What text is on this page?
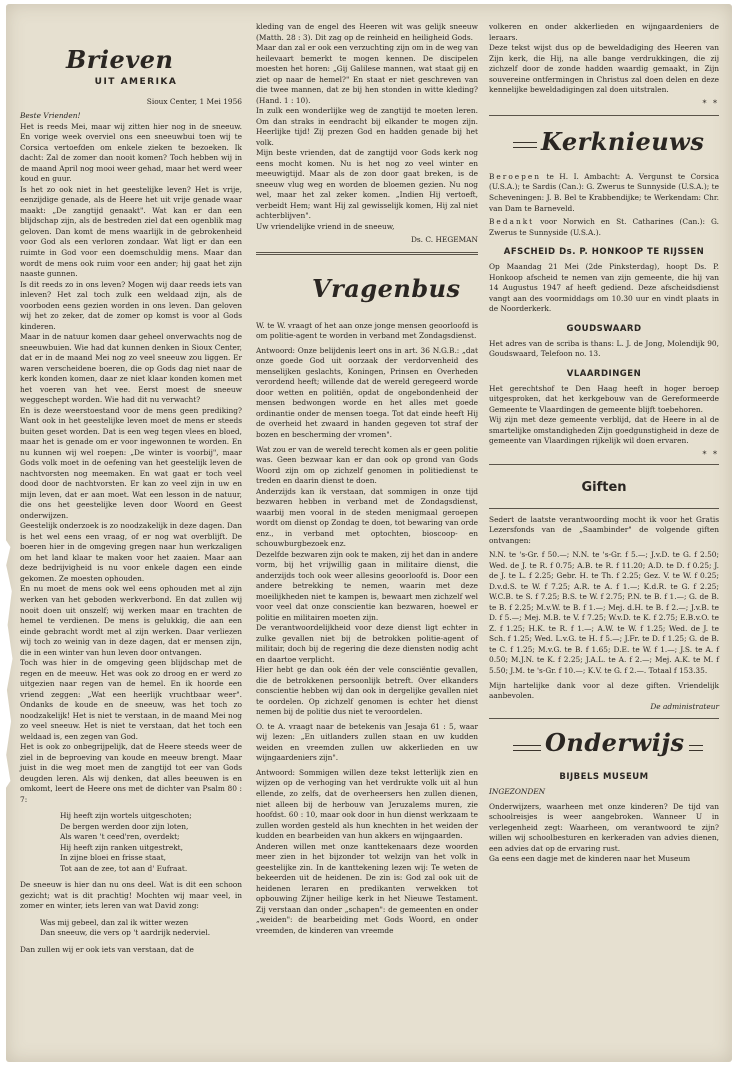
Brieven
UIT AMERIKA

Sioux Center, 1 Mei 1956

Beste Vrienden!

Het is reeds Mei, maar wij zitten hier nog in de sneeuw. En vorige week overviel ons een sneeuwbui toen wij te Corsica vertoefden om enkele zieken te bezoeken. Ik dacht: Zal de zomer dan nooit komen? Toch hebben wij in de maand April nog mooi weer gehad, maar het werd weer koud en guur.

Is het zo ook niet in het geestelijke leven? Het is vrije, eenzijdige genade, als de Heere het uit vrije genade waar maakt: „De zangtijd genaakt". Wat kan er dan een blijdschap zijn, als de bestreden ziel dat een ogenblik mag geloven. Dan komt de mens waarlijk in de gebrokenheid voor God als een verloren zondaar. Wat ligt er dan een ruimte in God voor een doemschuldig mens. Maar dan wordt de mens ook ruim voor een ander; hij gaat het zijn naaste gunnen.

Is dit reeds zo in ons leven? Mogen wij daar reeds iets van inleven? Het zal toch zulk een weldaad zijn, als de voorboden eens gezien worden in ons leven. Dan geloven wij het zo zeker, dat de zomer op komst is voor al Gods kinderen.

Maar in de natuur komen daar geheel onverwachts nog de sneeuwbuien. Wie had dat kunnen denken in Sioux Center, dat er in de maand Mei nog zo veel sneeuw zou liggen. Er waren verscheidene boeren, die op Gods dag niet naar de kerk konden komen, daar ze niet klaar konden komen met het voeren van het vee. Eerst moest de sneeuw weggeschept worden. Wie had dit nu verwacht?

En is deze weerstoestand voor de mens geen prediking? Want ook in het geestelijke leven moet de mens er steeds buiten geset worden. Dat is een weg tegen vlees en bloed, maar het is genade om er voor ingewonnen te worden. En nu kunnen wij wel roepen: „De winter is voorbij", maar Gods volk moet in de oefening van het geestelijk leven de nachtvorsten nog meemaken. En wat gaat er toch veel dood door de nachtvorsten. Er kan zo veel zijn in uw en mijn leven, dat er aan moet. Wat een lesson in de natuur, die ons het geestelijke leven door Woord en Geest onderwijzen.

Geestelijk onderzoek is zo noodzakelijk in deze dagen. Dan is het wel eens een vraag, of er nog wat overblijft. De boeren hier in de omgeving gregen naar hun werkzaligen om het land klaar te maken voor het zaaien. Maar aan deze bedrijvigheid is nu voor enkele dagen een einde gekomen. Ze moesten ophouden.

En nu moet de mens ook wel eens ophouden met al zijn werken van het geboden werkverbond. En dat zullen wij nooit doen uit onszelf; wij werken maar en trachten de hemel te verdienen. De mens is gelukkig, die aan een einde gebracht wordt met al zijn werken. Daar verliezen wij toch zo weinig van in deze dagen, dat er mensen zijn, die in een winter van hun leven door ontvangen.

Toch was hier in de omgeving geen blijdschap met de regen en de meeuw. Het was ook zo droog en er werd zo uitgezien naar regen van de hemel. En ik hoorde een vriend zeggen: „Wat een heerlijk vruchtbaar weer". Ondanks de koude en de sneeuw, was het toch zo noodzakelijk! Het is niet te verstaan, in de maand Mei nog zo veel sneeuw. Het is niet te verstaan, dat het toch een weldaad is, een zegen van God.

Het is ook zo onbegrijpelijk, dat de Heere steeds weer de ziel in de beproeving van koude en meeuw brengt. Maar juist in die weg moet men de zangtijd tot eer van Gods deugden leren. Als wij denken, dat alles beeuwen is en omkomt, leert de Heere ons met de dichter van Psalm 80 : 7:

Hij heeft zijn wortels uitgeschoten;
De bergen werden door zijn loten,
Als waren 't ceed'ren, overdekt;
Hij heeft zijn ranken uitgestrekt,
In zijne bloei en frisse staat,
Tot aan de zee, tot aan d' Eufraat.

De sneeuw is hier dan nu ons deel. Wat is dit een schoon gezicht; wat is dit prachtig! Mochten wij maar veel, in zomer en winter, iets leren van wat David zong:

Was mij gebeel, dan zal ik witter wezen
Dan sneeuw, die vers op 't aardrijk nederviel.

Dan zullen wij er ook iets van verstaan, dat de

kleding van de engel des Heeren wit was gelijk sneeuw (Matth. 28 : 3). Dit zag op de reinheid en heiligheid Gods.

Maar dan zal er ook een verzuchting zijn om in de weg van heilevaart bemerkt te mogen kennen. De discipelen moesten het horen: „Gij Galilese mannen, wat staat gij en ziet op naar de hemel?" En staat er niet geschreven van die twee mannen, dat ze bij hen stonden in witte kleding? (Hand. 1 : 10).

In zulk een wonderlijke weg de zangtijd te moeten leren. Om dan straks in eendracht bij elkander te mogen zijn. Heerlijke tijd! Zij prezen God en hadden genade bij het volk.

Mijn beste vrienden, dat de zangtijd voor Gods kerk nog eens mocht komen. Nu is het nog zo veel winter en meeuwigtijd. Maar als de zon door gaat breken, is de sneeuw vlug weg en worden de bloemen gezien. Nu nog wel, maar het zal zeker komen. „Indien Hij vertoeft, verbeidt Hem; want Hij zal gewisselijk komen, Hij zal niet achterblijven".

Uw vriendelijke vriend in de sneeuw,

Ds. C. HEGEMAN

Vragenbus

W. te W. vraagt of het aan onze jonge mensen geoorloofd is om politie-agent te worden in verband met Zondagsdienst.

Antwoord: Onze belijdenis leert ons in art. 36 N.G.B.: „dat onze goede God uit oorzaak der verdorvenheid des menselijken geslachts, Koningen, Prinsen en Overheden verordend heeft; willende dat de wereld geregeerd worde door wetten en politiën, opdat de ongebondenheid der mensen bedwongen worde en het alles met goede ordinantie onder de mensen toega. Tot dat einde heeft Hij de overheid het zwaard in handen gegeven tot straf der bozen en bescherming der vromen".

Wat zou er van de wereld terecht komen als er geen politie was. Geen bezwaar kan er dan ook op grond van Gods Woord zijn om op zichzelf genomen in politiedienst te treden en daarin dienst te doen.

Anderzijds kan ik verstaan, dat sommigen in onze tijd bezwaren hebben in verband met de Zondagsdienst, waarbij men vooral in de steden menigmaal geroepen wordt om dienst op Zondag te doen, tot bewaring van orde enz., in verband met optochten, bioscoop- en schouwburgbezoek enz.

Dezelfde bezwaren zijn ook te maken, zij het dan in andere vorm, bij het vrijwillig gaan in militaire dienst, die anderzijds toch ook weer allesins geoorloofd is. Door een andere betrekking te nemen, waarin met deze moeilijkheden niet te kampen is, bewaart men zichzelf wel voor veel dat onze conscientie kan bezwaren, hoewel er politie en militairen moeten zijn.

De verantwoordelijkheid voor deze dienst ligt echter in zulke gevallen niet bij de betrokken politie-agent of militair, doch bij de regering die deze diensten nodig acht en daartoe verplicht.

Hier hebt ge dan ook één der vele consciëntie gevallen, die de betrokkenen persoonlijk betreft. Over elkanders conscientie hebben wij dan ook in dergelijke gevallen niet te oordelen. Op zichzelf genomen is echter het dienst nemen bij de politie dus niet te veroordelen.

O. te A. vraagt naar de betekenis van Jesaja 61 : 5, waar wij lezen: „En uitlanders zullen staan en uw kudden weiden en vreemden zullen uw akkerlieden en uw wijngaardeniers zijn".

Antwoord: Sommigen willen deze tekst letterlijk zien en wijzen op de verhoging van het verdrukte volk uit al hun ellende, zo zelfs, dat de overheersers hen zullen dienen, niet alleen bij de herbouw van Jeruzalems muren, zie hoofdst. 60 : 10, maar ook door in hun dienst werkzaam te zullen worden gesteld als hun knechten in het weiden der kudden en bearbeiden van hun akkers en wijngaarden.

Anderen willen met onze kanttekenaars deze woorden meer zien in het bijzonder tot welzijn van het volk in geestelijke zin. In de kanttekening lezen wij: Te weten de bekeerden uit de heidenen. De zin is: God zal ook uit de heidenen leraren en predikanten verwekken tot opbouwing Zijner heilige kerk in het Nieuwe Testament. Zij verstaan dan onder „schapen": de gemeenten en onder „weiden": de bearbeiding met Gods Woord, en onder vreemden, de kinderen van vreemde

volkeren en onder akkerlieden en wijngaardeniers de leraars.

Deze tekst wijst dus op de beweldadiging des Heeren van Zijn kerk, die Hij, na alle bange verdrukkingen, die zij zichzelf door de zonde hadden waardig gemaakt, in Zijn souvereine ontfermingen in Christus zal doen delen en deze kennelijke beweldadigingen zal doen uitstralen.

* *
Kerknieuws

Beroepen te H. I. Ambacht: A. Vergunst te Corsica (U.S.A.); te Sardis (Can.): G. Zwerus te Sunnyside (U.S.A.); te Scheveningen: J. B. Bel te Krabbendijke; te Werkendam: Chr. van Dam te Barneveld.

Bedankt voor Norwich en St. Catharines (Can.): G. Zwerus te Sunnyside (U.S.A.).

AFSCHEID Ds. P. HONKOOP TE RIJSSEN

Op Maandag 21 Mei (2de Pinksterdag), hoopt Ds. P. Honkoop afscheid te nemen van zijn gemeente, die hij van 14 Augustus 1947 af heeft gediend. Deze afscheidsdienst vangt aan des voormiddags om 10.30 uur en vindt plaats in de Noorderkerk.

GOUDSWAARD

Het adres van de scriba is thans: L. J. de Jong, Molendijk 90, Goudswaard, Telefoon no. 13.

VLAARDINGEN

Het gerechtshof te Den Haag heeft in hoger beroep uitgesproken, dat het kerkgebouw van de Gereformeerde Gemeente te Vlaardingen de gemeente blijft toebehoren.

Wij zijn met deze gemeente verblijd, dat de Heere in al de smartelijke omstandigheden Zijn goedgunstigheid in deze de gemeente van Vlaardingen rijkelijk wil doen ervaren.

* *
Giften

Sedert de laatste verantwoording mocht ik voor het Gratis Lezersfonds van de „Saambinder" de volgende giften ontvangen:

N.N. te 's-Gr. f 50.—; N.N. te 's-Gr. f 5.—; J.v.D. te G. f 2.50; Wed. de J. te R. f 0.75; A.B. te R. f 11.20; A.D. te D. f 0.25; J. de J. te L. f 2.25; Gebr. H. te Th. f 2.25; Gez. V. te W. f 0.25; D.v.d.S. te W. f 7.25; A.R. te A. f 1.—; K.d.R. te G. f 2.25; W.C.B. te S. f 7.25; B.S. te W. f 2.75; P.N. te B. f 1.—; G. de B. te B. f 2.25; M.v.W. te B. f 1.—; Mej. d.H. te B. f 2.—; J.v.B. te D. f 5.—; Mej. M.B. te V. f 7.25; W.v.D. te K. f 2.75; E.B.v.O. te Z. f 1.25; H.K. te R. f 1.—; A.W. te W. f 1.25; Wed. de J. te Sch. f 1.25; Wed. L.v.G. te H. f 5.—; J.Fr. te D. f 1.25; G. de B. te C. f 1.25; M.v.G. te B. f 1.65; D.E. te W. f 1.—; J.S. te A. f 0.50; M.J.N. te K. f 2.25; J.A.L. te A. f 2.—; Mej. A.K. te M. f 5.50; J.M. te 's-Gr. f 10.—; K.V. te G. f 2.—. Totaal f 153.35.

Mijn hartelijke dank voor al deze giften. Vriendelijk aanbevolen.

De administrateur

Onderwijs
BIJBELS MUSEUM

INGEZONDEN

Onderwijzers, waarheen met onze kinderen? De tijd van schoolreisjes is weer aangebroken. Wanneer U in verlegenheid zegt: Waarheen, om verantwoord te zijn? willen wij schoolbesturen en kerkeraden van advies dienen, een advies dat op de ervaring rust.

Ga eens een dagje met de kinderen naar het Museum
